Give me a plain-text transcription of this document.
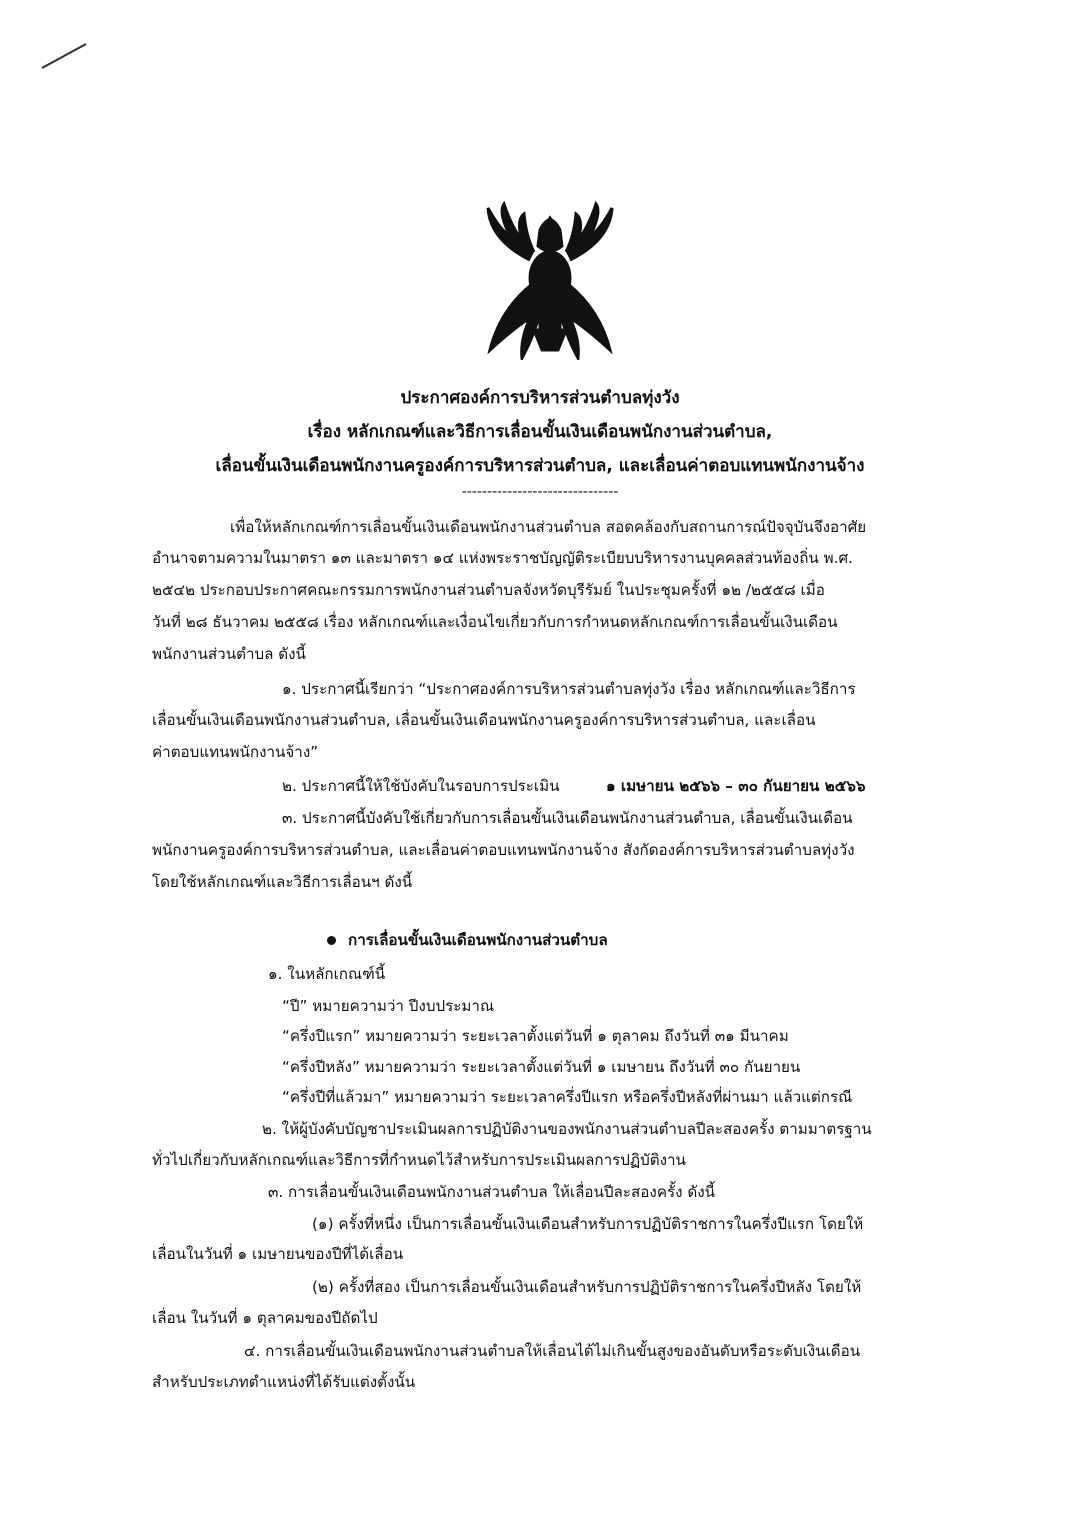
ประกาศองค์การบริหารส่วนตำบลทุ่งวัง
เรื่อง หลักเกณฑ์และวิธีการเลื่อนขั้นเงินเดือนพนักงานส่วนตำบล,
เลื่อนขั้นเงินเดือนพนักงานครูองค์การบริหารส่วนตำบล, และเลื่อนค่าตอบแทนพนักงานจ้าง
-------------------------------
เพื่อให้หลักเกณฑ์การเลื่อนขั้นเงินเดือนพนักงานส่วนตำบล สอดคล้องกับสถานการณ์ปัจจุบันจึงอาศัย
อำนาจตามความในมาตรา ๑๓ และมาตรา ๑๔ แห่งพระราชบัญญัติระเบียบบริหารงานบุคคลส่วนท้องถิ่น พ.ศ.
๒๕๔๒ ประกอบประกาศคณะกรรมการพนักงานส่วนตำบลจังหวัดบุรีรัมย์ ในประชุมครั้งที่ ๑๒ /๒๕๕๘ เมื่อ
วันที่ ๒๘ ธันวาคม ๒๕๕๘ เรื่อง หลักเกณฑ์และเงื่อนไขเกี่ยวกับการกำหนดหลักเกณฑ์การเลื่อนขั้นเงินเดือน
พนักงานส่วนตำบล ดังนี้
๑. ประกาศนี้เรียกว่า “ประกาศองค์การบริหารส่วนตำบลทุ่งวัง เรื่อง หลักเกณฑ์และวิธีการ
เลื่อนขั้นเงินเดือนพนักงานส่วนตำบล, เลื่อนขั้นเงินเดือนพนักงานครูองค์การบริหารส่วนตำบล, และเลื่อน
ค่าตอบแทนพนักงานจ้าง”
๒. ประกาศนี้ให้ใช้บังคับในรอบการประเมิน	๑ เมษายน ๒๕๖๖ – ๓๐ กันยายน ๒๕๖๖
๓. ประกาศนี้บังคับใช้เกี่ยวกับการเลื่อนขั้นเงินเดือนพนักงานส่วนตำบล, เลื่อนขั้นเงินเดือน
พนักงานครูองค์การบริหารส่วนตำบล, และเลื่อนค่าตอบแทนพนักงานจ้าง สังกัดองค์การบริหารส่วนตำบลทุ่งวัง
โดยใช้หลักเกณฑ์และวิธีการเลื่อนฯ ดังนี้
การเลื่อนขั้นเงินเดือนพนักงานส่วนตำบล
๑. ในหลักเกณฑ์นี้
“ปี” หมายความว่า ปีงบประมาณ
“ครึ่งปีแรก” หมายความว่า ระยะเวลาตั้งแต่วันที่ ๑ ตุลาคม ถึงวันที่ ๓๑ มีนาคม
“ครึ่งปีหลัง” หมายความว่า ระยะเวลาตั้งแต่วันที่ ๑ เมษายน ถึงวันที่ ๓๐ กันยายน
“ครึ่งปีที่แล้วมา” หมายความว่า ระยะเวลาครึ่งปีแรก หรือครึ่งปีหลังที่ผ่านมา แล้วแต่กรณี
๒. ให้ผู้บังคับบัญชาประเมินผลการปฏิบัติงานของพนักงานส่วนตำบลปีละสองครั้ง ตามมาตรฐาน
ทั่วไปเกี่ยวกับหลักเกณฑ์และวิธีการที่กำหนดไว้สำหรับการประเมินผลการปฏิบัติงาน
๓. การเลื่อนขั้นเงินเดือนพนักงานส่วนตำบล ให้เลื่อนปีละสองครั้ง ดังนี้
(๑) ครั้งที่หนึ่ง เป็นการเลื่อนขั้นเงินเดือนสำหรับการปฏิบัติราชการในครึ่งปีแรก โดยให้
เลื่อนในวันที่ ๑ เมษายนของปีที่ได้เลื่อน
(๒) ครั้งที่สอง เป็นการเลื่อนขั้นเงินเดือนสำหรับการปฏิบัติราชการในครึ่งปีหลัง โดยให้
เลื่อน ในวันที่ ๑ ตุลาคมของปีถัดไป
๔. การเลื่อนขั้นเงินเดือนพนักงานส่วนตำบลให้เลื่อนได้ไม่เกินขั้นสูงของอันดับหรือระดับเงินเดือน
สำหรับประเภทตำแหน่งที่ได้รับแต่งตั้งนั้น
